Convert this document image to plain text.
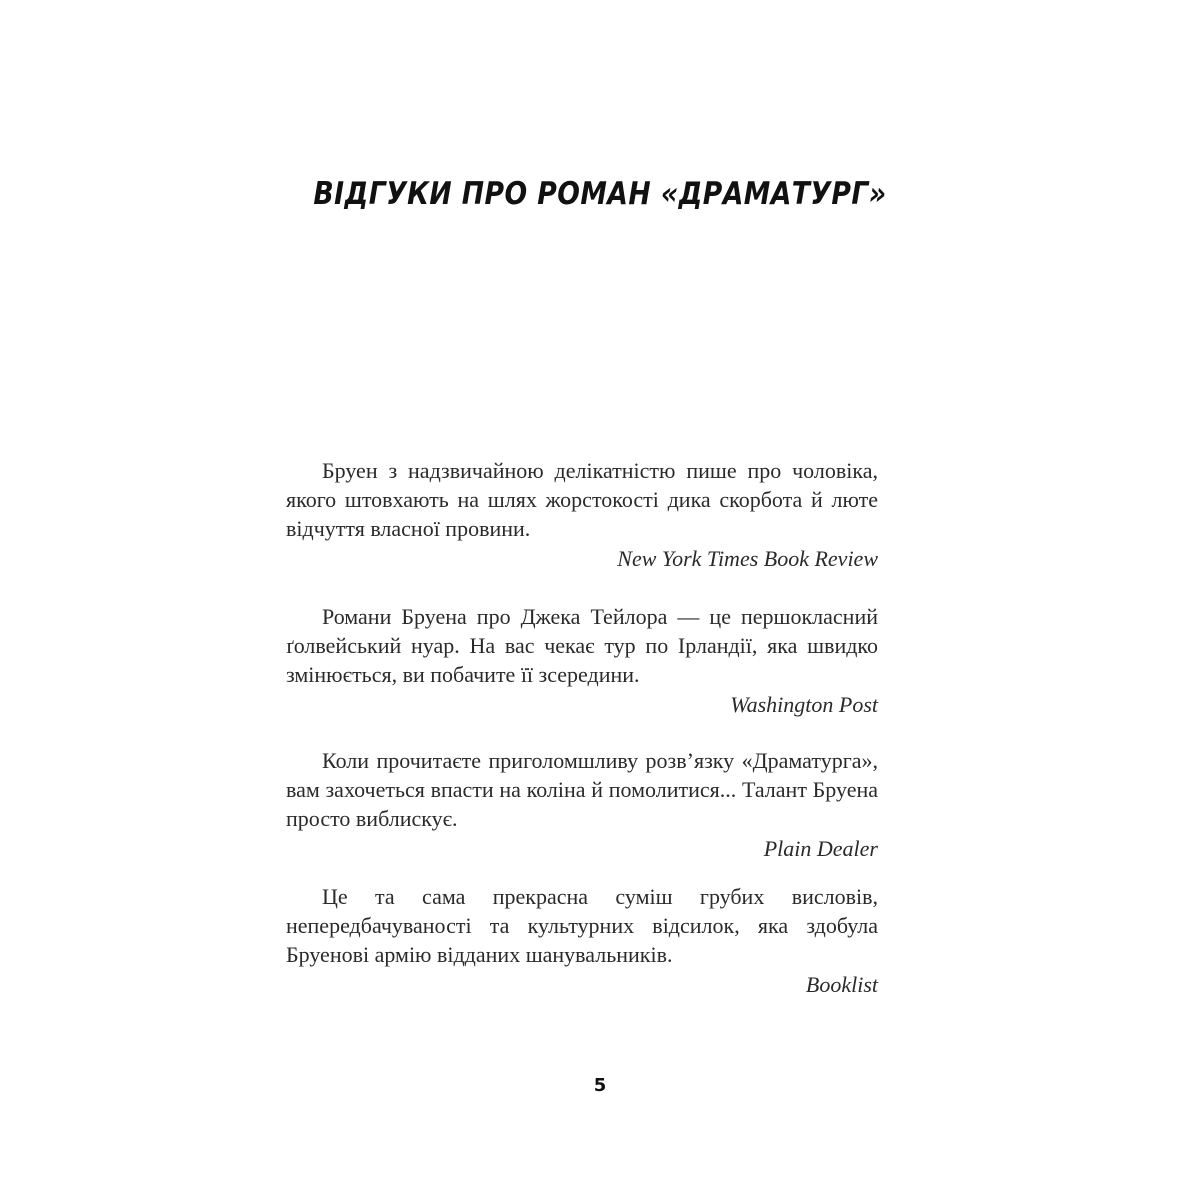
ВІДГУКИ ПРО РОМАН «ДРАМАТУРГ»

Бруен з надзвичайною делікатністю пише про чоловіка, якого штовхають на шлях жорстокості дика скорбота й люте відчуття власної провини.

New York Times Book Review

Романи Бруена про Джека Тейлора — це першокласний ґолвейський нуар. На вас чекає тур по Ірландії, яка швидко змінюється, ви побачите її зсередини.

Washington Post

Коли прочитаєте приголомшливу розв’язку «Драматурга», вам захочеться впасти на коліна й помолитися... Талант Бруена просто виблискує.

Plain Dealer

Це та сама прекрасна суміш грубих висловів, непередбачуваності та культурних відсилок, яка здобула Бруенові армію відданих шанувальників.

Booklist
5
